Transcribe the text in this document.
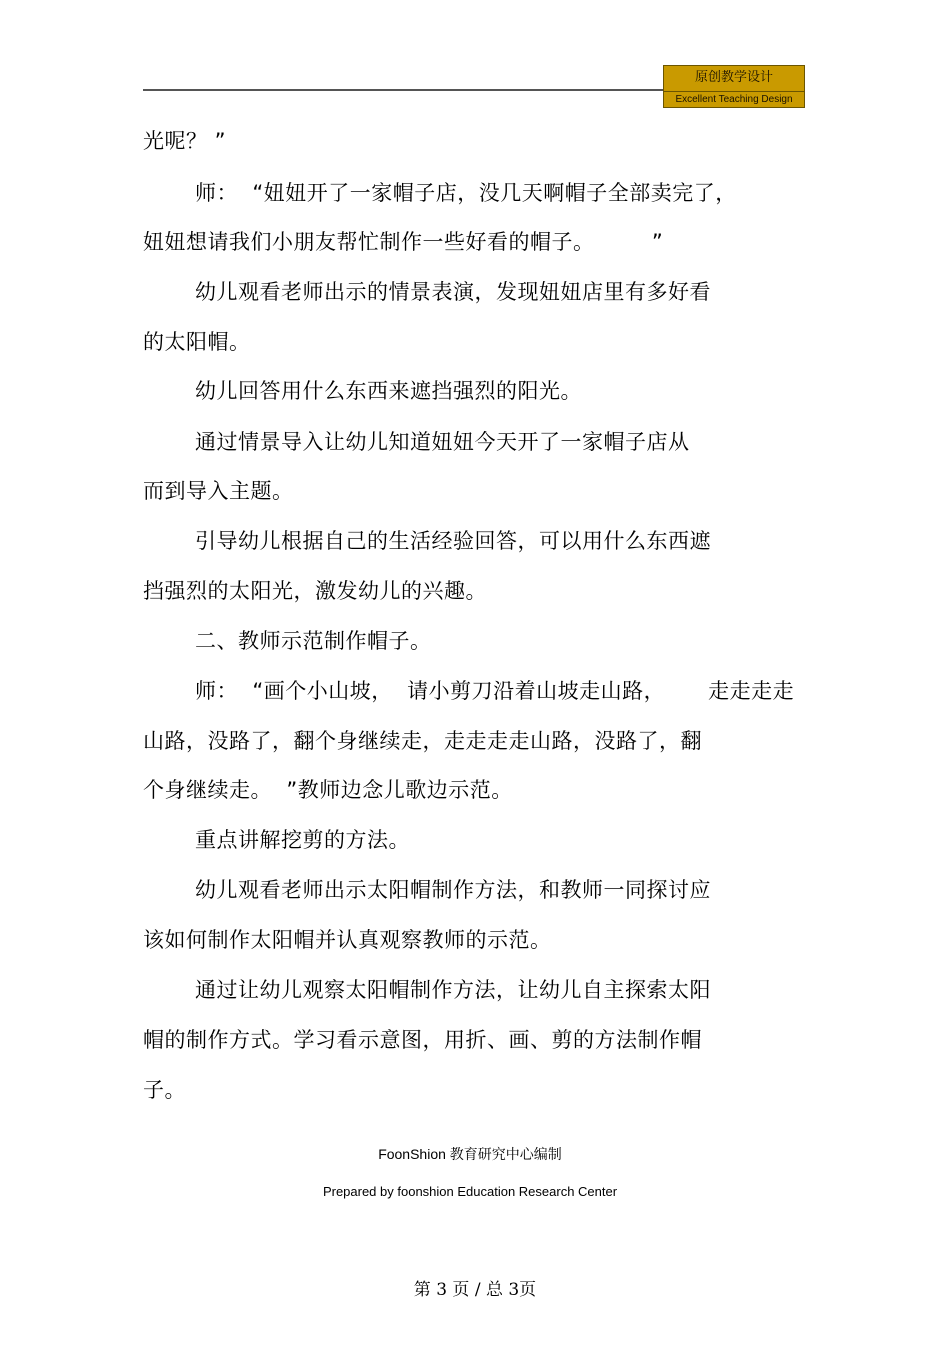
原创教学设计
Excellent Teaching Design
光呢？ ”
师：  “妞妞开了一家帽子店，没几天啊帽子全部卖完了，
妞妞想请我们小朋友帮忙制作一些好看的帽子。        ”
幼儿观看老师出示的情景表演，发现妞妞店里有多好看
的太阳帽。
幼儿回答用什么东西来遮挡强烈的阳光。
通过情景导入让幼儿知道妞妞今天开了一家帽子店从
而到导入主题。
引导幼儿根据自己的生活经验回答，可以用什么东西遮
挡强烈的太阳光，激发幼儿的兴趣。
二、教师示范制作帽子。
师：  “画个小山坡，  请小剪刀沿着山坡走山路，      走走走走
山路，没路了，翻个身继续走，走走走走山路，没路了，翻
个身继续走。  ”教师边念儿歌边示范。
重点讲解挖剪的方法。
幼儿观看老师出示太阳帽制作方法，和教师一同探讨应
该如何制作太阳帽并认真观察教师的示范。
通过让幼儿观察太阳帽制作方法，让幼儿自主探索太阳
帽的制作方式。学习看示意图，用折、画、剪的方法制作帽
子。
FoonShion 教育研究中心编制
Prepared by foonshion Education Research Center
第 3 页 / 总 3页
